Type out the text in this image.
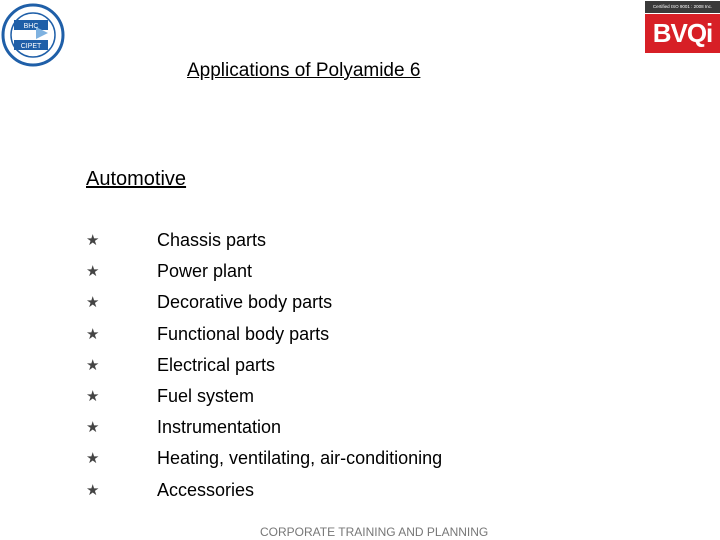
BHC
CIPET
Certified ISO 9001 : 2008 Inc.
BVQi
Applications of Polyamide 6
Automotive
★	Chassis parts
★	Power plant
★	Decorative body parts
★	Functional body parts
★	Electrical parts
★	Fuel system
★	Instrumentation
★	Heating, ventilating, air-conditioning
★	Accessories
CORPORATE TRAINING AND PLANNING
